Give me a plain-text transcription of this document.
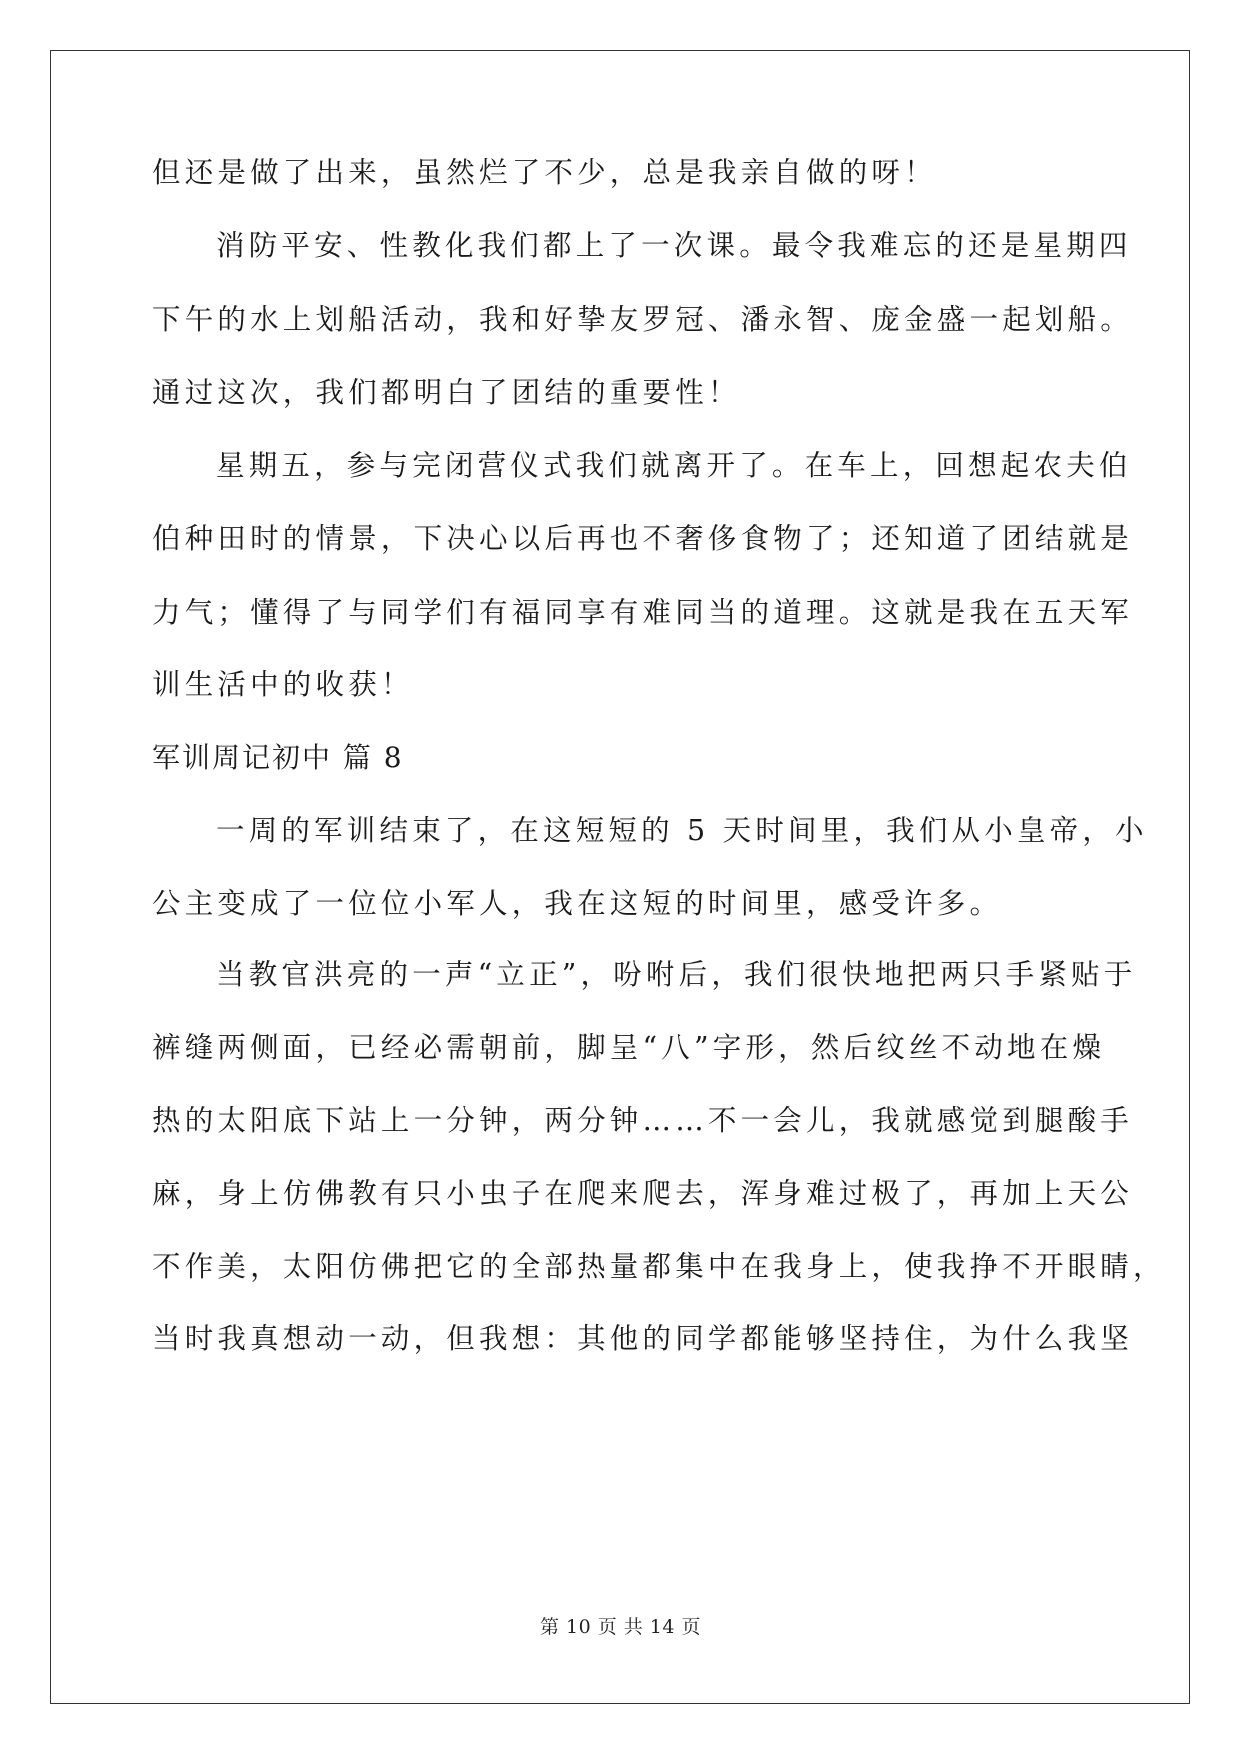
但还是做了出来，虽然烂了不少，总是我亲自做的呀！
消防平安、性教化我们都上了一次课。最令我难忘的还是星期四
下午的水上划船活动，我和好挚友罗冠、潘永智、庞金盛一起划船。
通过这次，我们都明白了团结的重要性！
星期五，参与完闭营仪式我们就离开了。在车上，回想起农夫伯
伯种田时的情景，下决心以后再也不奢侈食物了；还知道了团结就是
力气；懂得了与同学们有福同享有难同当的道理。这就是我在五天军
训生活中的收获！
军训周记初中 篇 8
一周的军训结束了，在这短短的 5 天时间里，我们从小皇帝，小
公主变成了一位位小军人，我在这短的时间里，感受许多。
当教官洪亮的一声“立正”，吩咐后，我们很快地把两只手紧贴于
裤缝两侧面，已经必需朝前，脚呈“八”字形，然后纹丝不动地在燥
热的太阳底下站上一分钟，两分钟……不一会儿，我就感觉到腿酸手
麻，身上仿佛教有只小虫子在爬来爬去，浑身难过极了，再加上天公
不作美，太阳仿佛把它的全部热量都集中在我身上，使我挣不开眼睛，
当时我真想动一动，但我想：其他的同学都能够坚持住，为什么我坚
第 10 页 共 14 页
